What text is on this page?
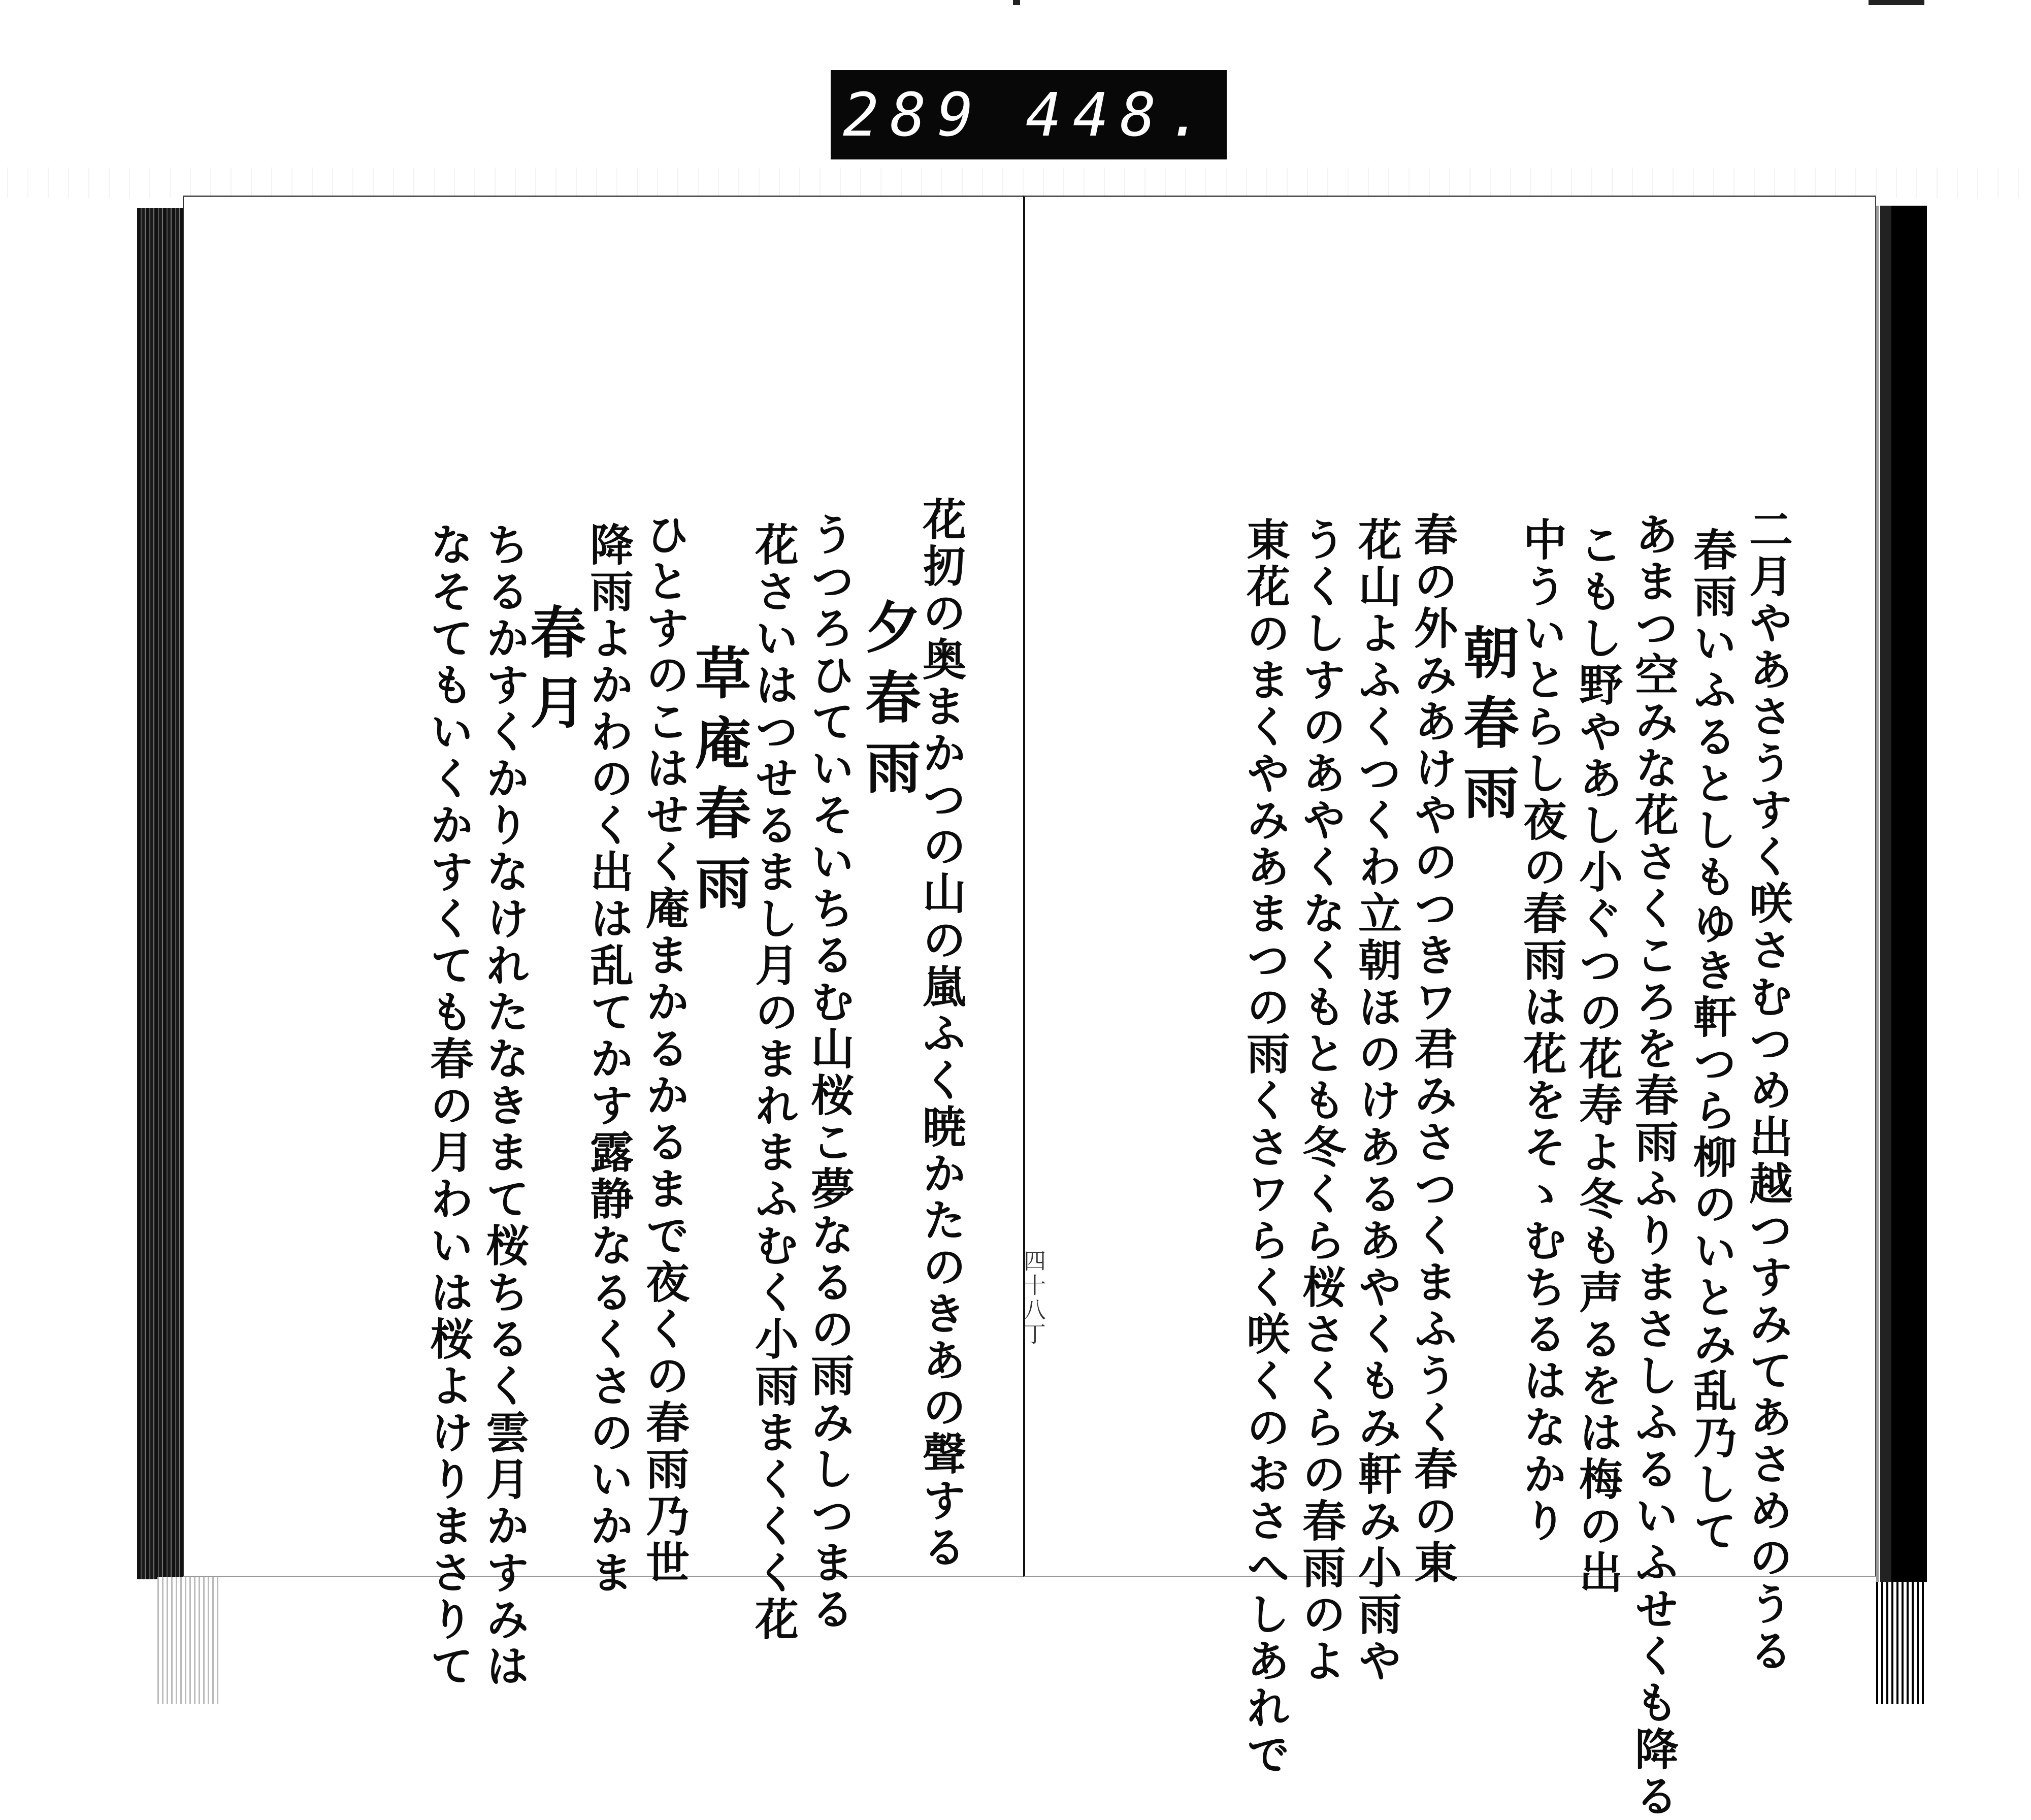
289 448.
花扨の奥まかつの山の嵐ふく暁かたのきあの聲する
夕春雨
うつろひていそいちるむ山桜こ夢なるの雨みしつまる
花さいはつせるまし月のまれまふむく小雨まくくく花
草庵春雨
ひとすのこはせく庵まかるかるまで夜くの春雨乃世
降雨よかわのく出は乱てかす露静なるくさのいかま
春月
ちるかすくかりなけれたなきまて桜ちるく雲月かすみは
なそてもいくかすくても春の月わいは桜よけりまさりて	二月やあさうすく咲さむつめ出越つすみてあさめのうる
春雨いふるとしもゆき軒つら柳のいとみ乱乃して
あまつ空みな花さくころを春雨ふりまさしふるいふせくも降る
こもし野やあし小ぐつの花寿よ冬も声るをは梅の出
中ういとらし夜の春雨は花をそゝむちるはなかり
朝春雨
春の外みあけやのつきワ君みさつくまふうく春の東
花山よふくつくわ立朝ほのけあるあやくもみ軒み小雨や
うくしすのあやくなくもとも冬くら桜さくらの春雨のよ
東花のまくやみあまつの雨くさワらく咲くのおさへしあれで
四十八丁
